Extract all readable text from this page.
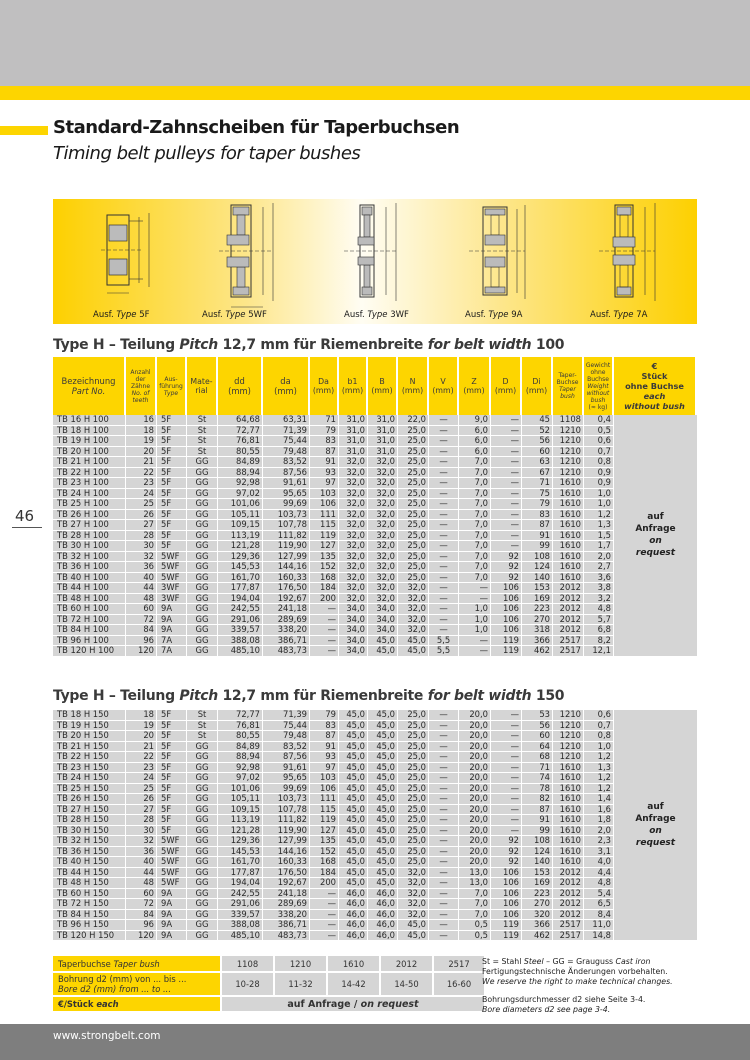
Standard-Zahnscheiben für Taperbuchsen
Timing belt pulleys for taper bushes
Ausf. Type 5F	Ausf. Type 5WF	Ausf. Type 3WF	Ausf. Type 9A	Ausf. Type 7A
Type H – Teilung Pitch 12,7 mm für Riemenbreite for belt width 100
46
Bezeichnung
Part No.
Anzahl
der
Zähne
No. of
teeth
Aus-
führung
Type
Mate-
rial
dd
(mm)
da
(mm)
Da
(mm)
b1
(mm)
B
(mm)
N
(mm)
V
(mm)
Z
(mm)
D
(mm)
Di
(mm)
Taper-
Buchse
Taper
bush
Gewicht
ohne
Buchse
Weight
without
bush
(≈ kg)
€
Stück
ohne Buchse
each
without bush
TB 16 H 100	16 5F	St	64,68	63,31	71	31,0	31,0	22,0	—	9,0	—	45	1108	0,4
TB 18 H 100	18 5F	St	72,77	71,39	79	31,0	31,0	25,0	—	6,0	—	52	1210	0,5
TB 19 H 100	19 5F	St	76,81	75,44	83	31,0	31,0	25,0	—	6,0	—	56	1210	0,6
TB 20 H 100	20 5F	St	80,55	79,48	87	31,0	31,0	25,0	—	6,0	—	60	1210	0,7
TB 21 H 100	21 5F	GG	84,89	83,52	91	32,0	32,0	25,0	—	7,0	—	63	1210	0,8
TB 22 H 100	22 5F	GG	88,94	87,56	93	32,0	32,0	25,0	—	7,0	—	67	1210	0,9
TB 23 H 100	23 5F	GG	92,98	91,61	97	32,0	32,0	25,0	—	7,0	—	71	1610	0,9
TB 24 H 100	24 5F	GG	97,02	95,65	103	32,0	32,0	25,0	—	7,0	—	75	1610	1,0
TB 25 H 100	25 5F	GG	101,06	99,69	106	32,0	32,0	25,0	—	7,0	—	79	1610	1,0
TB 26 H 100	26 5F	GG	105,11	103,73	111	32,0	32,0	25,0	—	7,0	—	83	1610	1,2
TB 27 H 100	27 5F	GG	109,15	107,78	115	32,0	32,0	25,0	—	7,0	—	87	1610	1,3
TB 28 H 100	28 5F	GG	113,19	111,82	119	32,0	32,0	25,0	—	7,0	—	91	1610	1,5
TB 30 H 100	30 5F	GG	121,28	119,90	127	32,0	32,0	25,0	—	7,0	—	99	1610	1,7
TB 32 H 100	32 5WF	GG	129,36	127,99	135	32,0	32,0	25,0	—	7,0	92	108	1610	2,0
TB 36 H 100	36 5WF	GG	145,53	144,16	152	32,0	32,0	25,0	—	7,0	92	124	1610	2,7
TB 40 H 100	40 5WF	GG	161,70	160,33	168	32,0	32,0	25,0	—	7,0	92	140	1610	3,6
TB 44 H 100	44 3WF	GG	177,87	176,50	184	32,0	32,0	32,0	—	—	106	153	2012	3,8
TB 48 H 100	48 3WF	GG	194,04	192,67	200	32,0	32,0	32,0	—	—	106	169	2012	3,2
TB 60 H 100	60 9A	GG	242,55	241,18	—	34,0	34,0	32,0	—	1,0	106	223	2012	4,8
TB 72 H 100	72 9A	GG	291,06	289,69	—	34,0	34,0	32,0	—	1,0	106	270	2012	5,7
TB 84 H 100	84 9A	GG	339,57	338,20	—	34,0	34,0	32,0	—	1,0	106	318	2012	6,8
TB 96 H 100	96 7A	GG	388,08	386,71	—	34,0	45,0	45,0	5,5	—	119	366	2517	8,2
TB 120 H 100	120 7A	GG	485,10	483,73	—	34,0	45,0	45,0	5,5	—	119	462	2517	12,1
auf
Anfrage
on
request
Type H – Teilung Pitch 12,7 mm für Riemenbreite for belt width 150
TB 18 H 150	18 5F	St	72,77	71,39	79	45,0	45,0	25,0	—	20,0	—	53	1210	0,6
TB 19 H 150	19 5F	St	76,81	75,44	83	45,0	45,0	25,0	—	20,0	—	56	1210	0,7
TB 20 H 150	20 5F	St	80,55	79,48	87	45,0	45,0	25,0	—	20,0	—	60	1210	0,8
TB 21 H 150	21 5F	GG	84,89	83,52	91	45,0	45,0	25,0	—	20,0	—	64	1210	1,0
TB 22 H 150	22 5F	GG	88,94	87,56	93	45,0	45,0	25,0	—	20,0	—	68	1210	1,2
TB 23 H 150	23 5F	GG	92,98	91,61	97	45,0	45,0	25,0	—	20,0	—	71	1610	1,3
TB 24 H 150	24 5F	GG	97,02	95,65	103	45,0	45,0	25,0	—	20,0	—	74	1610	1,2
TB 25 H 150	25 5F	GG	101,06	99,69	106	45,0	45,0	25,0	—	20,0	—	78	1610	1,2
TB 26 H 150	26 5F	GG	105,11	103,73	111	45,0	45,0	25,0	—	20,0	—	82	1610	1,4
TB 27 H 150	27 5F	GG	109,15	107,78	115	45,0	45,0	25,0	—	20,0	—	87	1610	1,6
TB 28 H 150	28 5F	GG	113,19	111,82	119	45,0	45,0	25,0	—	20,0	—	91	1610	1,8
TB 30 H 150	30 5F	GG	121,28	119,90	127	45,0	45,0	25,0	—	20,0	—	99	1610	2,0
TB 32 H 150	32 5WF	GG	129,36	127,99	135	45,0	45,0	25,0	—	20,0	92	108	1610	2,3
TB 36 H 150	36 5WF	GG	145,53	144,16	152	45,0	45,0	25,0	—	20,0	92	124	1610	3,1
TB 40 H 150	40 5WF	GG	161,70	160,33	168	45,0	45,0	25,0	—	20,0	92	140	1610	4,0
TB 44 H 150	44 5WF	GG	177,87	176,50	184	45,0	45,0	32,0	—	13,0	106	153	2012	4,4
TB 48 H 150	48 5WF	GG	194,04	192,67	200	45,0	45,0	32,0	—	13,0	106	169	2012	4,8
TB 60 H 150	60 9A	GG	242,55	241,18	—	46,0	46,0	32,0	—	7,0	106	223	2012	5,4
TB 72 H 150	72 9A	GG	291,06	289,69	—	46,0	46,0	32,0	—	7,0	106	270	2012	6,5
TB 84 H 150	84 9A	GG	339,57	338,20	—	46,0	46,0	32,0	—	7,0	106	320	2012	8,4
TB 96 H 150	96 9A	GG	388,08	386,71	—	46,0	46,0	45,0	—	0,5	119	366	2517	11,0
TB 120 H 150	120 9A	GG	485,10	483,73	—	46,0	46,0	45,0	—	0,5	119	462	2517	14,8
auf
Anfrage
on
request
Taperbuchse Taper bush	1108	1210	1610	2012	2517
Bohrung d2 (mm) von ... bis ...
Bore d2 (mm) from ... to ...	10-28	11-32	14-42	14-50	16-60
€/Stück each	auf Anfrage / on request				
St = Stahl Steel – GG = Grauguss Cast iron
Fertigungstechnische Änderungen vorbehalten.
We reserve the right to make technical changes.
Bohrungsdurchmesser d2 siehe Seite 3-4.
Bore diameters d2 see page 3-4.
www.strongbelt.com
